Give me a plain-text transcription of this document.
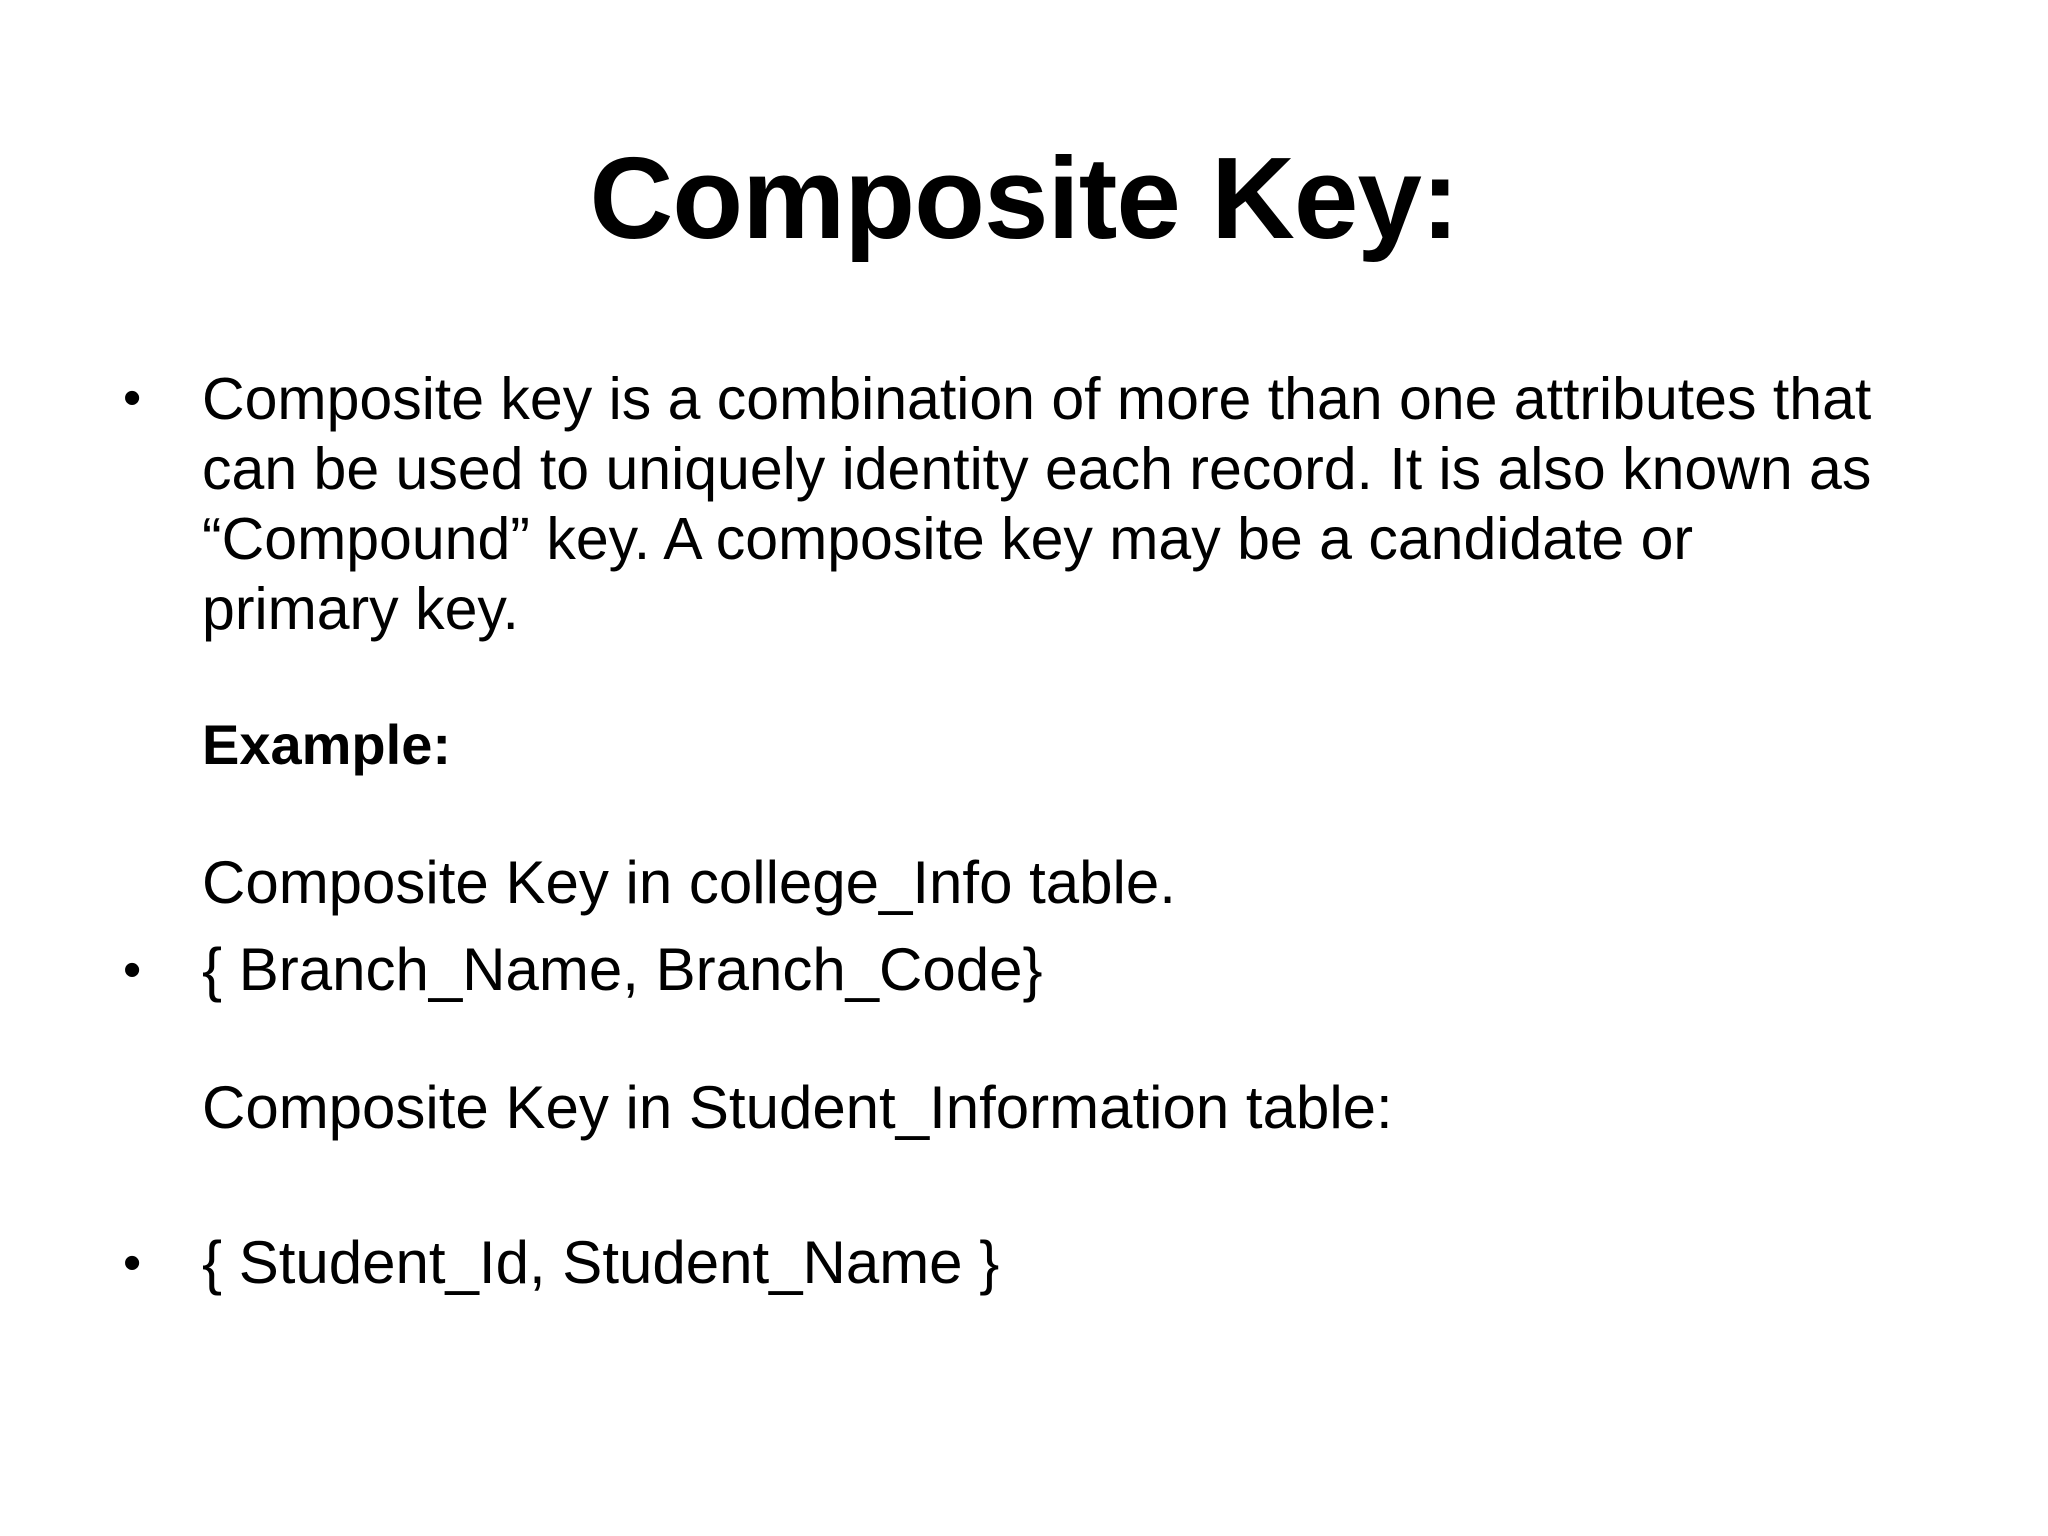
Composite Key:
• Composite key is a combination of more than one attributes that can be used to uniquely identity each record. It is also known as “Compound” key. A composite key may be a candidate or primary key.
Example:
Composite Key in college_Info table.
• { Branch_Name, Branch_Code}
Composite Key in Student_Information table:
• { Student_Id, Student_Name }
